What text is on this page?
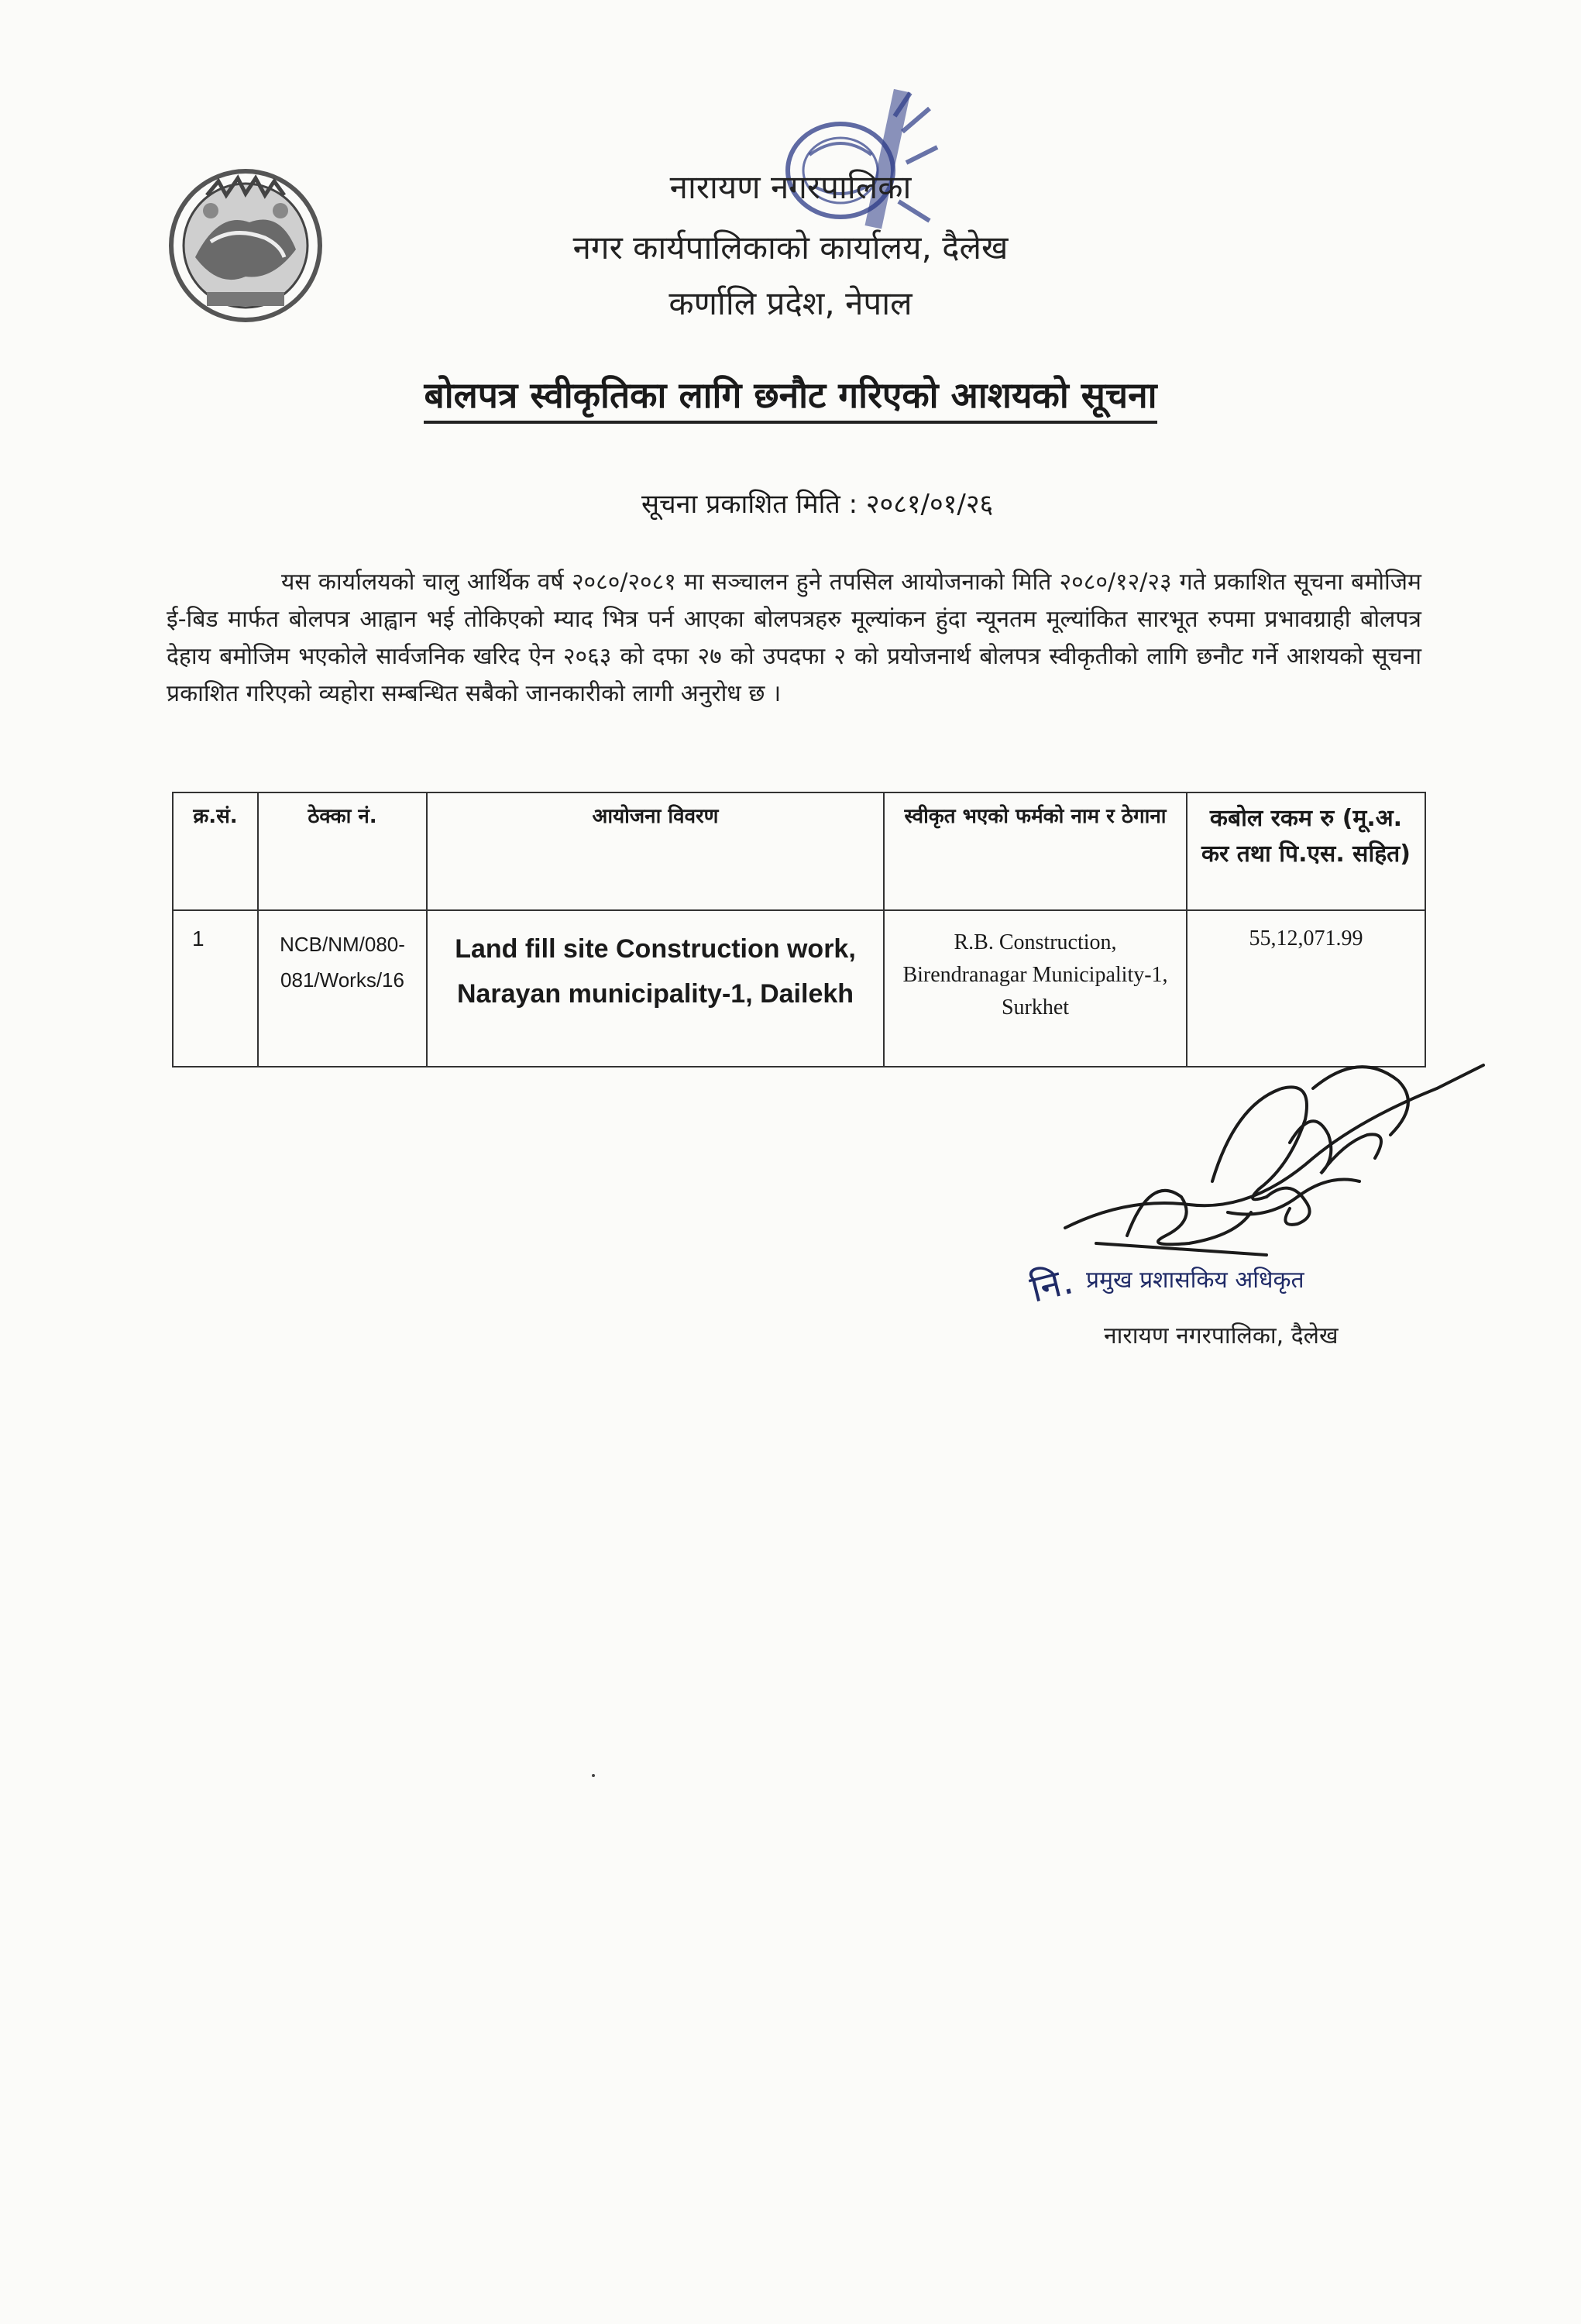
नारायण नगरपालिका
नगर कार्यपालिकाको कार्यालय, दैलेख
कर्णालि प्रदेश, नेपाल
बोलपत्र स्वीकृतिका लागि छनौट गरिएको आशयको सूचना
सूचना प्रकाशित मिति : २०८१/०१/२६
यस कार्यालयको चालु आर्थिक वर्ष २०८०/२०८१ मा सञ्चालन हुने तपसिल आयोजनाको मिति २०८०/१२/२३ गते प्रकाशित सूचना बमोजिम ई-बिड मार्फत बोलपत्र आह्वान भई तोकिएको म्याद भित्र पर्न आएका बोलपत्रहरु मूल्यांकन हुंदा न्यूनतम मूल्यांकित सारभूत रुपमा प्रभावग्राही बोलपत्र देहाय बमोजिम भएकोले सार्वजनिक खरिद ऐन २०६३ को दफा २७ को उपदफा २ को प्रयोजनार्थ बोलपत्र स्वीकृतीको लागि छनौट गर्ने आशयको सूचना प्रकाशित गरिएको व्यहोरा सम्बन्धित सबैको जानकारीको लागी अनुरोध छ ।
क्र.सं.	ठेक्का नं.	आयोजना विवरण	स्वीकृत भएको फर्मको नाम र ठेगाना	कबोल रकम रु (मू.अ. कर तथा पि.एस. सहित)
1	NCB/NM/080-081/Works/16	Land fill site Construction work, Narayan municipality-1, Dailekh	R.B. Construction, Birendranagar Municipality-1, Surkhet	55,12,071.99
नि. प्रमुख प्रशासकिय अधिकृत
नारायण नगरपालिका, दैलेख
